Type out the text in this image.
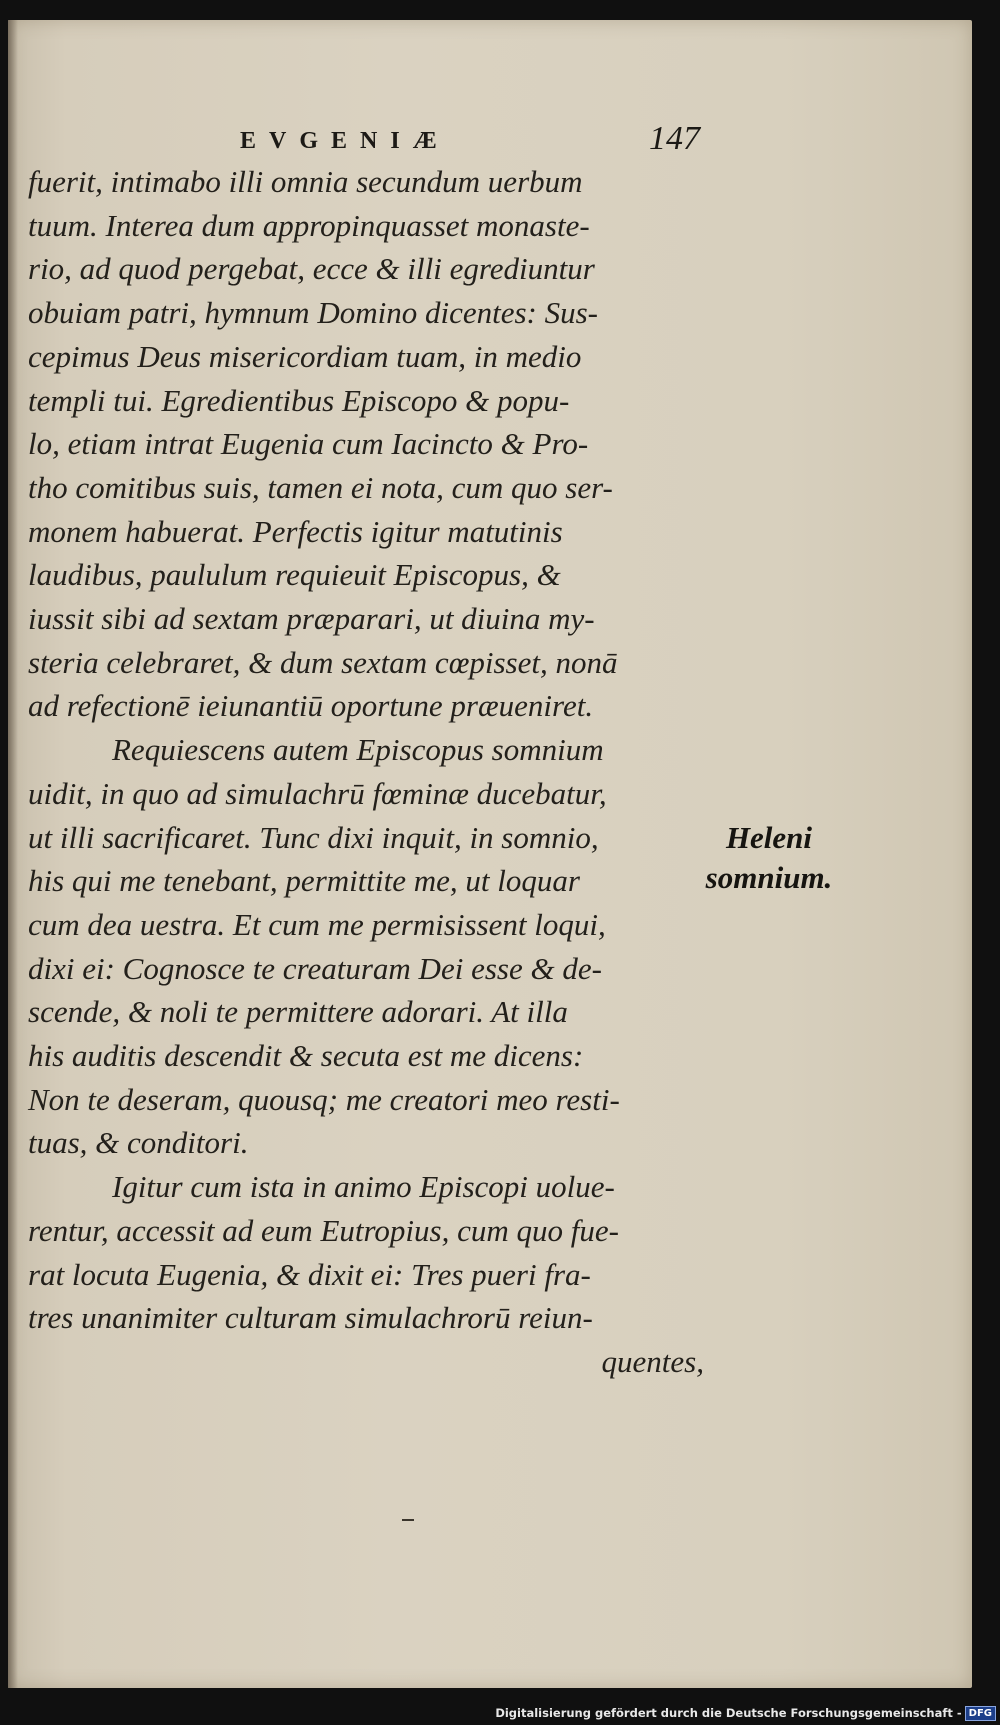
EVGENIÆ	147
fuerit, intimabo illi omnia secundum uerbum
tuum. Interea dum appropinquasset monaste-
rio, ad quod pergebat, ecce & illi egrediuntur
obuiam patri, hymnum Domino dicentes: Sus-
cepimus Deus misericordiam tuam, in medio
templi tui. Egredientibus Episcopo & popu-
lo, etiam intrat Eugenia cum Iacincto & Pro-
tho comitibus suis, tamen ei nota, cum quo ser-
monem habuerat. Perfectis igitur matutinis
laudibus, paululum requieuit Episcopus, &
iussit sibi ad sextam præparari, ut diuina my-
steria celebraret, & dum sextam cœpisset, nonā
ad refectionē ieiunantiū oportune præueniret.
Requiescens autem Episcopus somnium
uidit, in quo ad simulachrū fœminæ ducebatur,
ut illi sacrificaret. Tunc dixi inquit, in somnio,
his qui me tenebant, permittite me, ut loquar
cum dea uestra. Et cum me permisissent loqui,
dixi ei: Cognosce te creaturam Dei esse & de-
scende, & noli te permittere adorari. At illa
his auditis descendit & secuta est me dicens:
Non te deseram, quousq; me creatori meo resti-
tuas, & conditori.
Igitur cum ista in animo Episcopi uolue-
rentur, accessit ad eum Eutropius, cum quo fue-
rat locuta Eugenia, & dixit ei: Tres pueri fra-
tres unanimiter culturam simulachrorū reiun-
quentes,
Heleni
somnium.
Digitalisierung gefördert durch die Deutsche Forschungsgemeinschaft - DFG
